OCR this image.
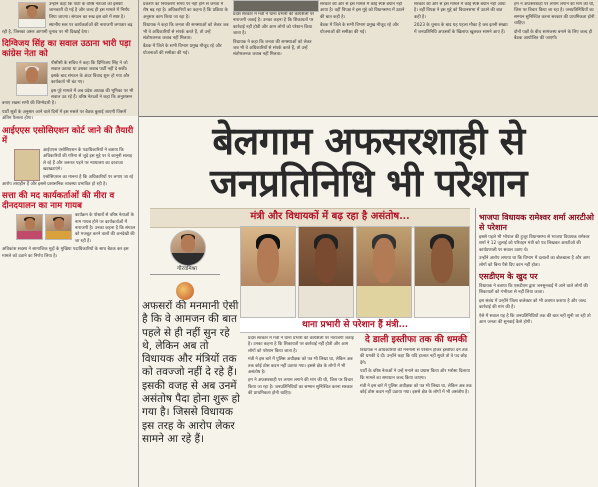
उन्होंने कहा कि पार्टी के वरिष्ठ नेताओं को इसकी जानकारी दी गई है और जल्द ही इस मामले में निर्णय लिया जाएगा। संगठन का रुख इस बारे में स्पष्ट है।

स्थानीय स्तर पर कार्यकर्ताओं की नाराजगी लगातार बढ़ रही है, जिसका असर आगामी चुनाव पर भी दिखाई देगा।

दिग्विजय सिंह का सवाल उठाना भारी पड़ा कांग्रेस नेता को

पीसीसी के सचिव ने कहा कि दिग्विजय सिंह ने जो सवाल उठाया था उसका जवाब पार्टी नहीं दे सकी। इसके बाद संगठन के अंदर विवाद शुरू हो गया और कार्यकर्ता भी बंट गए।

इस पूरे मामले में अब प्रदेश अध्यक्ष की भूमिका पर भी सवाल उठ रहे हैं। वरिष्ठ नेताओं ने कहा कि अनुशासन बनाए रखना सभी की जिम्मेदारी है।

पार्टी सूत्रों के अनुसार आने वाले दिनों में इस मसले पर बैठक बुलाई जाएगी जिसमें अंतिम फैसला होगा।

आईएएस एसोसिएशन कोर्ट जाने की तैयारी में

आईएएस एसोसिएशन के पदाधिकारियों ने बताया कि अधिकारियों की गरिमा से जुड़े इस मुद्दे पर वे कानूनी सलाह ले रहे हैं और जरूरत पड़ने पर न्यायालय का दरवाजा खटखटाएंगे।

एसोसिएशन का मानना है कि अधिकारियों पर लगाए जा रहे आरोप तथ्यहीन हैं और इससे प्रशासनिक व्यवस्था प्रभावित हो रही है।

सत्ता की मद कार्यकर्ताओं की मीरा व दीनदयालन का नाम गायब

कार्यक्रम के पोस्टरों से वरिष्ठ नेताओं के नाम गायब होने पर कार्यकर्ताओं में नाराजगी है। उनका कहना है कि संगठन को मजबूत करने वालों की अनदेखी की जा रही है।

अधिकांश सदस्य ने सामाजिक मुद्दों के मुखिया पदाधिकारियों के साथ बैठक कर इस मामले को उठाने का निर्णय लिया है।

प्रकरण का निराकरण समय पर नहीं होने से जनता में रोष बढ़ रहा है। अधिकारियों का कहना है कि प्रक्रिया के अनुसार काम किया जा रहा है।

विधायक ने कहा कि जनता की समस्याओं को लेकर जब भी वे अधिकारियों से संपर्क करते हैं, तो उन्हें संतोषजनक जवाब नहीं मिलता।

बैठक में जिले के सभी विभाग प्रमुख मौजूद रहे और योजनाओं की समीक्षा की गई।

प्रदेश सरकार में मंत्री ने थाना प्रभारी की कार्यशैली पर नाराजगी जताई है। उनका कहना है कि शिकायतों पर कार्रवाई नहीं होती और आम लोगों को परेशान किया जाता है।

विधायक ने कहा कि जनता की समस्याओं को लेकर जब भी वे अधिकारियों से संपर्क करते हैं, तो उन्हें संतोषजनक जवाब नहीं मिलता।

सरकार की ओर से इस मामले में कोई स्पष्ट बयान नहीं आया है। वहीं विपक्ष ने इस मुद्दे को विधानसभा में उठाने की बात कही है।

बैठक में जिले के सभी विभाग प्रमुख मौजूद रहे और योजनाओं की समीक्षा की गई।

सरकार की ओर से इस मामले में कोई स्पष्ट बयान नहीं आया है। वहीं विपक्ष ने इस मुद्दे को विधानसभा में उठाने की बात कही है।

2023 के चुनाव के बाद यह पहला मौका है जब इतनी संख्या में जनप्रतिनिधि अफसरों के खिलाफ खुलकर सामने आए हैं।

हम ने अफसरशाही पर लगाम लगाने की मांग की थी, जिस पर विचार किया जा रहा है। जनप्रतिनिधियों का सम्मान सुनिश्चित करना सरकार की प्राथमिकता होनी चाहिए।

दोनों पक्षों के बीच सामंजस्य बनाने के लिए जल्द ही बैठक आयोजित की जाएगी।

बेलगाम अफसरशाही से
जनप्रतिनिधि भी परेशान
मंत्री और विधायकों में बढ़ रहा है असंतोष...
गौरवमिश्रा
थाना प्रभारी से परेशान हैं मंत्री...
अफसरों की मनमानी ऐसी है कि वे आमजन की बात पहले से ही नहीं सुन रहे थे, लेकिन अब तो विधायक और मंत्रियों तक को तवज्जो नहीं दे रहे हैं। इसकी वजह से अब उनमें असंतोष पैदा होना शुरू हो गया है। जिससे विधायक इस तरह के आरोप लेकर सामने आ रहे हैं।

प्रदेश सरकार में मंत्री ने थाना प्रभारी की कार्यशैली पर नाराजगी जताई है। उनका कहना है कि शिकायतों पर कार्रवाई नहीं होती और आम लोगों को परेशान किया जाता है।

मंत्री ने इस बारे में पुलिस अधीक्षक को पत्र भी लिखा था, लेकिन अब तक कोई ठोस कदम नहीं उठाया गया। इससे क्षेत्र के लोगों में भी असंतोष है।

हम ने अफसरशाही पर लगाम लगाने की मांग की थी, जिस पर विचार किया जा रहा है। जनप्रतिनिधियों का सम्मान सुनिश्चित करना सरकार की प्राथमिकता होनी चाहिए।

दे डाली इस्तीफा तक की धमकी

विधायक ने अधिकारियों की मनमानी से परेशान होकर इस्तीफा देने तक की धमकी दे दी। उन्होंने कहा कि यदि हालात नहीं सुधरे तो वे पद छोड़ देंगे।

पार्टी के वरिष्ठ नेताओं ने उन्हें मनाने का प्रयास किया और भरोसा दिलाया कि मामले का समाधान जल्द किया जाएगा।

मंत्री ने इस बारे में पुलिस अधीक्षक को पत्र भी लिखा था, लेकिन अब तक कोई ठोस कदम नहीं उठाया गया। इससे क्षेत्र के लोगों में भी असंतोष है।

भाजपा विधायक रामेश्वर शर्मा आरटीओ से परेशान

इससे पहले भी भोपाल की हुजूर विधानसभा से भाजपा विधायक रामेश्वर शर्मा ने 12 जुलाई को परिवहन मंत्री को पत्र लिखकर आरटीओ की कार्यप्रणाली पर सवाल उठाए थे।

उन्होंने आरोप लगाया था कि विभाग में दलालों का बोलबाला है और आम लोगों को बिना पैसे दिए काम नहीं होता।

एसडीएम के खुद पर

विधायक ने बताया कि एसडीएम द्वारा जनसुनवाई में आने वाले लोगों की शिकायतों को गंभीरता से नहीं लिया जाता।

इस संबंध में उन्होंने जिला कलेक्टर को भी अवगत कराया है और जल्द कार्रवाई की मांग की है।

ऐसे में सवाल यह है कि जनप्रतिनिधियों तक की बात नहीं सुनी जा रही तो आम जनता की सुनवाई कैसे होगी।
